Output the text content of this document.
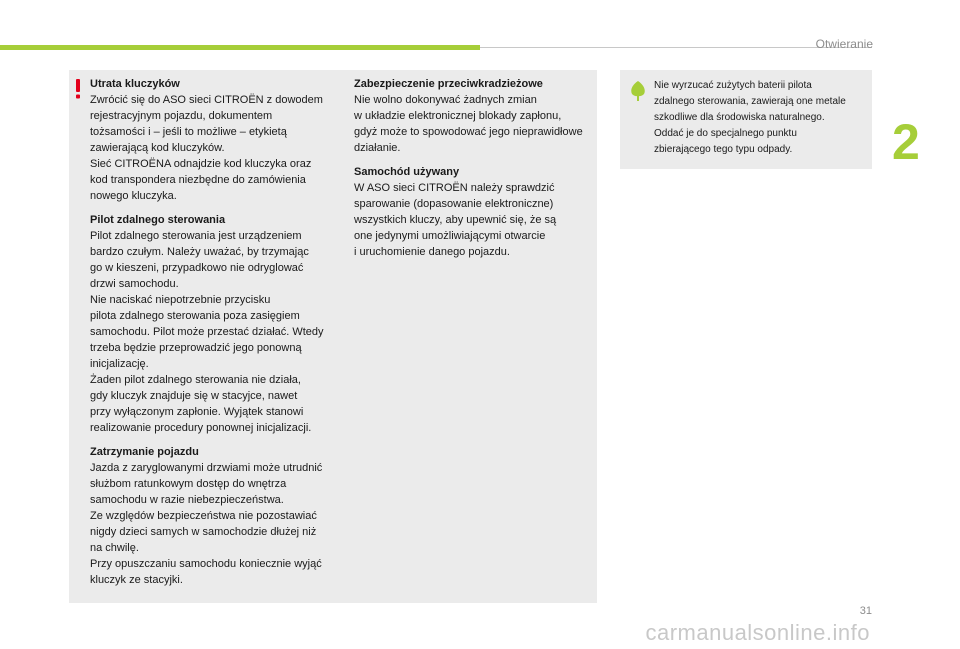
Otwieranie
2
Utrata kluczyków
Zwrócić się do ASO sieci CITROËN z dowodem
rejestracyjnym pojazdu, dokumentem
tożsamości i – jeśli to możliwe – etykietą
zawierającą kod kluczyków.
Sieć CITROËNA odnajdzie kod kluczyka oraz
kod transpondera niezbędne do zamówienia
nowego kluczyka.
Pilot zdalnego sterowania
Pilot zdalnego sterowania jest urządzeniem
bardzo czułym. Należy uważać, by trzymając
go w kieszeni, przypadkowo nie odryglować
drzwi samochodu.
Nie naciskać niepotrzebnie przycisku
pilota zdalnego sterowania poza zasięgiem
samochodu. Pilot może przestać działać. Wtedy
trzeba będzie przeprowadzić jego ponowną
inicjalizację.
Żaden pilot zdalnego sterowania nie działa,
gdy kluczyk znajduje się w stacyjce, nawet
przy wyłączonym zapłonie. Wyjątek stanowi
realizowanie procedury ponownej inicjalizacji.
Zatrzymanie pojazdu
Jazda z zaryglowanymi drzwiami może utrudnić
służbom ratunkowym dostęp do wnętrza
samochodu w razie niebezpieczeństwa.
Ze względów bezpieczeństwa nie pozostawiać
nigdy dzieci samych w samochodzie dłużej niż
na chwilę.
Przy opuszczaniu samochodu koniecznie wyjąć
kluczyk ze stacyjki.
Zabezpieczenie przeciwkradzieżowe
Nie wolno dokonywać żadnych zmian
w układzie elektronicznej blokady zapłonu,
gdyż może to spowodować jego nieprawidłowe
działanie.
Samochód używany
W ASO sieci CITROËN należy sprawdzić
sparowanie (dopasowanie elektroniczne)
wszystkich kluczy, aby upewnić się, że są
one jedynymi umożliwiającymi otwarcie
i uruchomienie danego pojazdu.
Nie wyrzucać zużytych baterii pilota
zdalnego sterowania, zawierają one metale
szkodliwe dla środowiska naturalnego.
Oddać je do specjalnego punktu
zbierającego tego typu odpady.
31
carmanualsonline.info
